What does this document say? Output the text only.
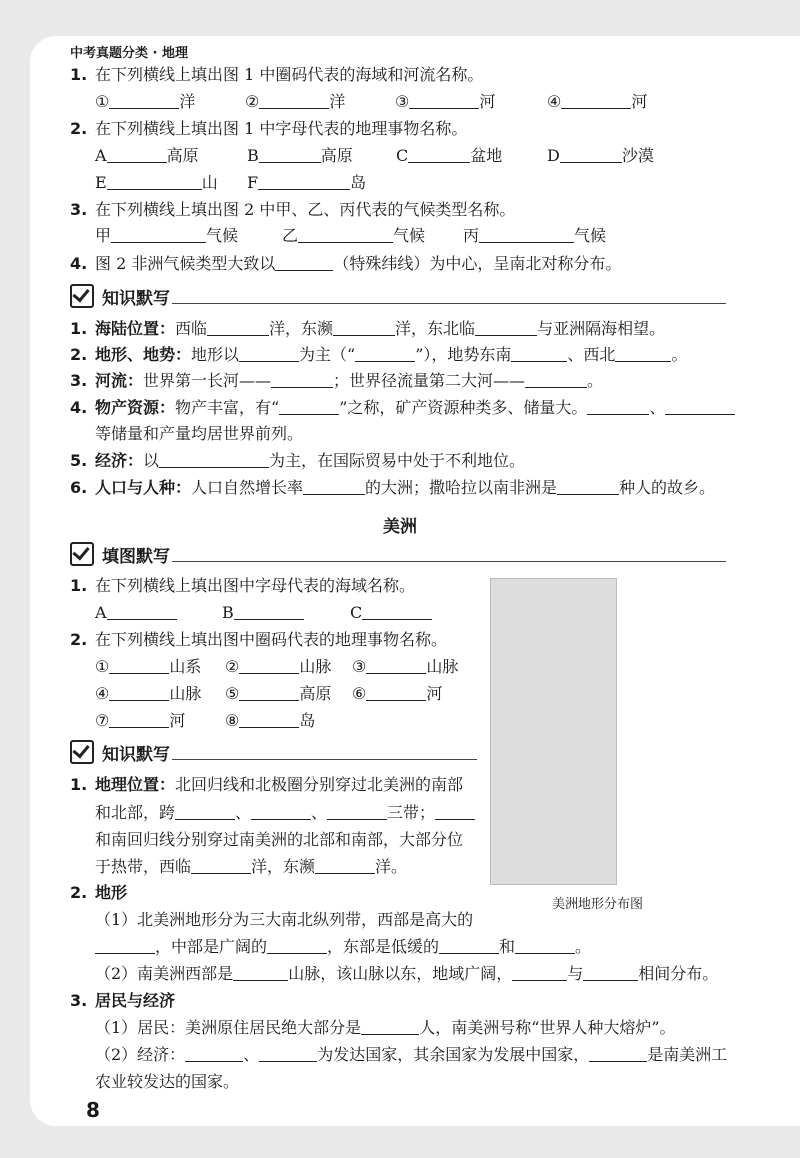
中考真题分类 · 地理
1. 在下列横线上填出图 1 中圈码代表的海域和河流名称。
①	洋	②	洋	③	河	④	河
2. 在下列横线上填出图 1 中字母代表的地理事物名称。
A	高原	B	高原	C	盆地	D	沙漠
E	山 F	岛
3. 在下列横线上填出图 2 中甲、乙、丙代表的气候类型名称。
甲	气候	乙	气候 丙	气候
4. 图 2 非洲气候类型大致以	（特殊纬线）为中心，呈南北对称分布。
知识默写
1. 海陆位置：西临	洋，东濒	洋，东北临	与亚洲隔海相望。
2. 地形、地势：地形以	为主（“	”），地势东南	、西北	。
3. 河流：世界第一长河——	；世界径流量第二大河——	。
4. 物产资源：物产丰富，有“	”之称，矿产资源种类多、储量大。	、
等储量和产量均居世界前列。
5. 经济：以	为主，在国际贸易中处于不利地位。
6. 人口与人种：人口自然增长率	的大洲；撒哈拉以南非洲是	种人的故乡。
美洲
填图默写
1. 在下列横线上填出图中字母代表的海域名称。
A	B	C
2. 在下列横线上填出图中圈码代表的地理事物名称。
①	山系 ②	山脉 ③	山脉
④	山脉 ⑤	高原 ⑥	河
⑦	河 ⑧	岛
知识默写
1. 地理位置：北回归线和北极圈分别穿过北美洲的南部
和北部，跨	、	、	三带；
和南回归线分别穿过南美洲的北部和南部，大部分位
于热带，西临	洋，东濒	洋。
2. 地形
（1）北美洲地形分为三大南北纵列带，西部是高大的
，中部是广阔的	，东部是低缓的	和	。
（2）南美洲西部是	山脉，该山脉以东，地域广阔，	与	相间分布。
3. 居民与经济
（1）居民：美洲原住居民绝大部分是	人，南美洲号称“世界人种大熔炉”。
（2）经济：	、	为发达国家，其余国家为发展中国家，	是南美洲工
农业较发达的国家。
美洲地形分布图
8
